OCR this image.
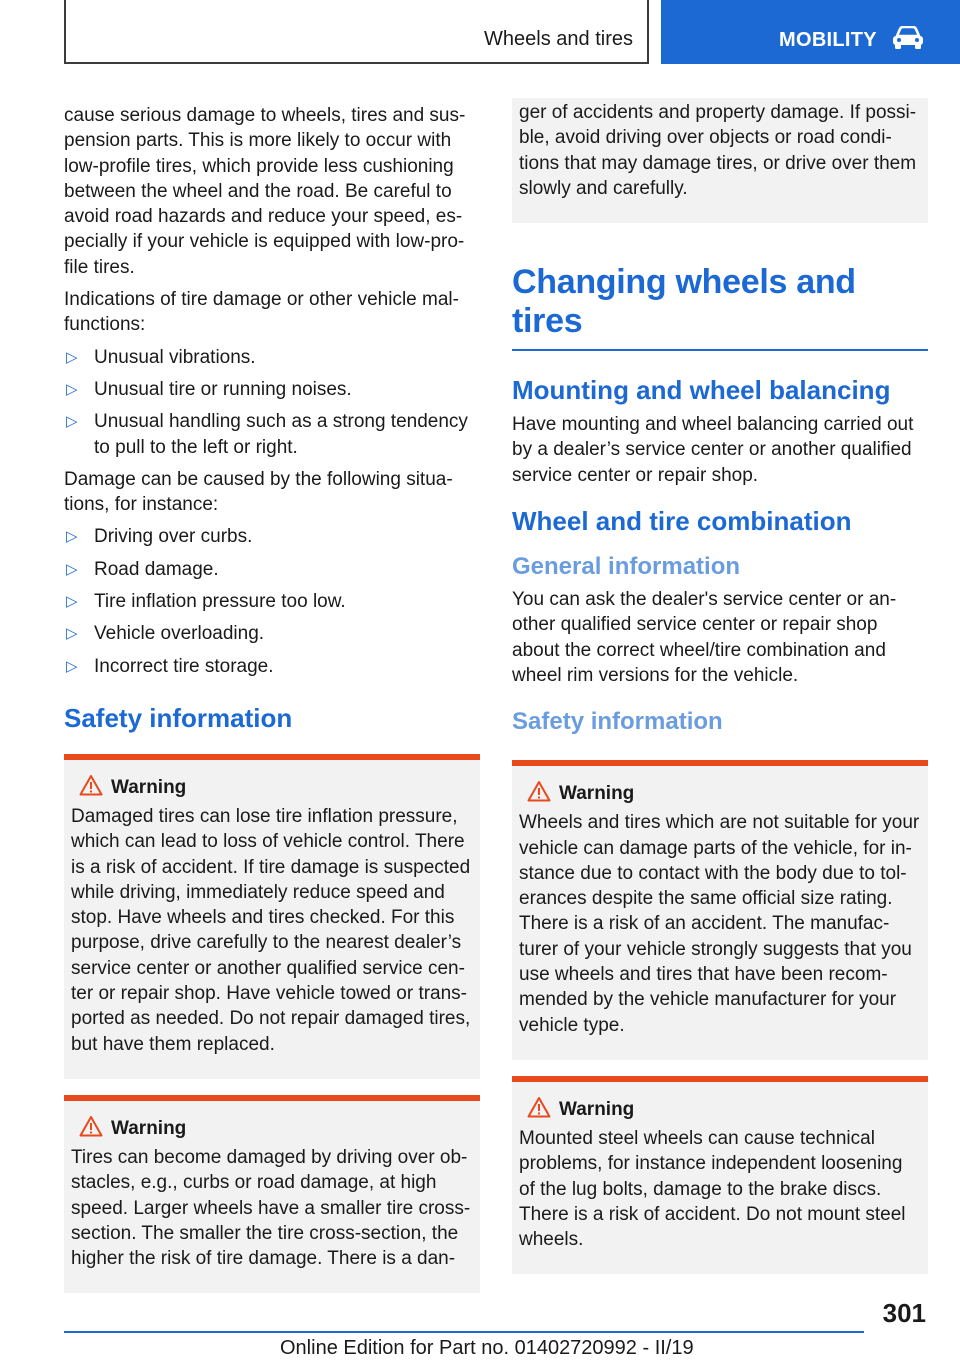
Wheels and tires	MOBILITY

cause serious damage to wheels, tires and sus-pension parts. This is more likely to occur with low-profile tires, which provide less cushioning between the wheel and the road. Be careful to avoid road hazards and reduce your speed, es-pecially if your vehicle is equipped with low-pro-file tires.

Indications of tire damage or other vehicle mal-functions:

▷ Unusual vibrations.
▷ Unusual tire or running noises.
▷ Unusual handling such as a strong tendency to pull to the left or right.

Damage can be caused by the following situa-tions, for instance:

▷ Driving over curbs.
▷ Road damage.
▷ Tire inflation pressure too low.
▷ Vehicle overloading.
▷ Incorrect tire storage.
Safety information
Warning

Damaged tires can lose tire inflation pressure, which can lead to loss of vehicle control. There is a risk of accident. If tire damage is suspected while driving, immediately reduce speed and stop. Have wheels and tires checked. For this purpose, drive carefully to the nearest dealer’s service center or another qualified service cen-ter or repair shop. Have vehicle towed or trans-ported as needed. Do not repair damaged tires, but have them replaced.

Warning

Tires can become damaged by driving over ob-stacles, e.g., curbs or road damage, at high speed. Larger wheels have a smaller tire cross-section. The smaller the tire cross-section, the higher the risk of tire damage. There is a dan-

ger of accidents and property damage. If possi-ble, avoid driving over objects or road condi-tions that may damage tires, or drive over them slowly and carefully.

Changing wheels and tires
Mounting and wheel balancing

Have mounting and wheel balancing carried out by a dealer’s service center or another qualified service center or repair shop.

Wheel and tire combination
General information

You can ask the dealer's service center or an-other qualified service center or repair shop about the correct wheel/tire combination and wheel rim versions for the vehicle.

Safety information
Warning

Wheels and tires which are not suitable for your vehicle can damage parts of the vehicle, for in-stance due to contact with the body due to tol-erances despite the same official size rating. There is a risk of an accident. The manufac-turer of your vehicle strongly suggests that you use wheels and tires that have been recom-mended by the vehicle manufacturer for your vehicle type.

Warning

Mounted steel wheels can cause technical problems, for instance independent loosening of the lug bolts, damage to the brake discs. There is a risk of accident. Do not mount steel wheels.

301
Online Edition for Part no. 01402720992 - II/19
